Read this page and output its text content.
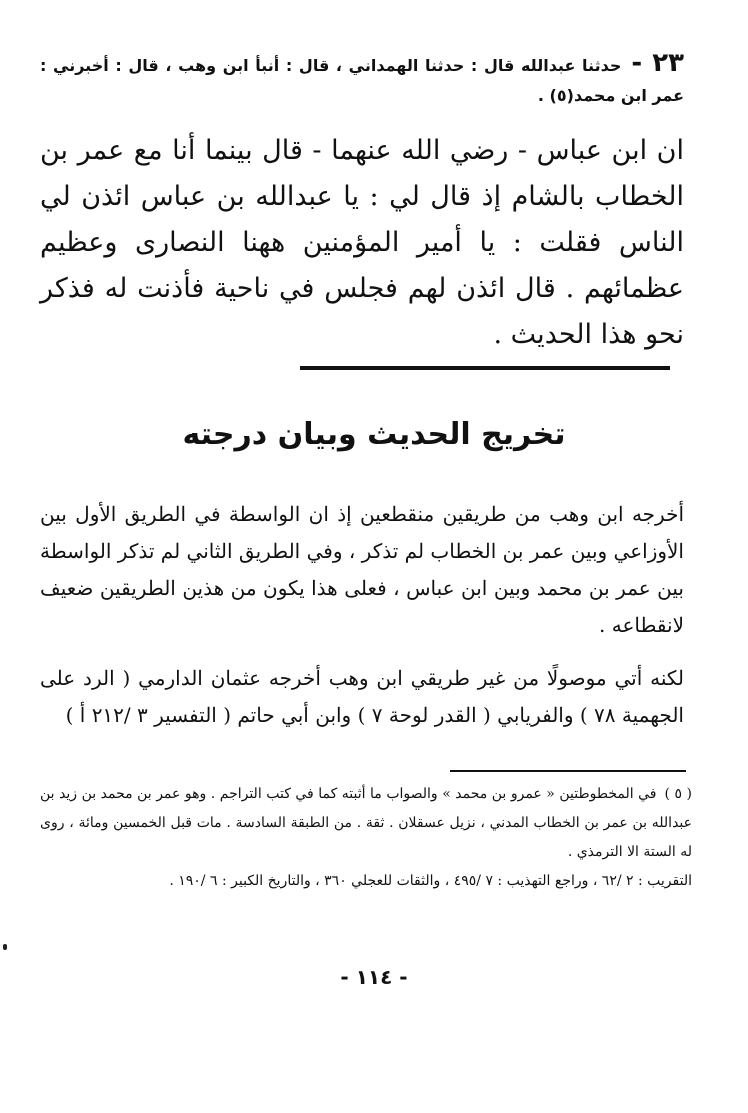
٢٣ -حدثنا عبدالله قال : حدثنا الهمداني ، قال : أنبأ ابن وهب ، قال : أخبرني : عمر ابن محمد(٥) .
ان ابن عباس - رضي الله عنهما - قال بينما أنا مع عمر بن الخطاب بالشام إذ قال لي : يا عبدالله بن عباس ائذن لي الناس فقلت : يا أمير المؤمنين ههنا النصارى وعظيم عظمائهم . قال ائذن لهم فجلس في ناحية فأذنت له فذكر نحو هذا الحديث .
تخريج الحديث وبيان درجته

أخرجه ابن وهب من طريقين منقطعين إذ ان الواسطة في الطريق الأول بين الأوزاعي وبين عمر بن الخطاب لم تذكر ، وفي الطريق الثاني لم تذكر الواسطة بين عمر بن محمد وبين ابن عباس ، فعلى هذا يكون من هذين الطريقين ضعيف لانقطاعه .

لكنه أتي موصولًا من غير طريقي ابن وهب أخرجه عثمان الدارمي ( الرد على الجهمية ٧٨ ) والفريابي ( القدر لوحة ٧ ) وابن أبي حاتم ( التفسير ٣ /٢١٢ أ )

( ٥ )في المخطوطتين « عمرو بن محمد » والصواب ما أثبته كما في كتب التراجم . وهو عمر بن محمد بن زيد بن عبدالله بن عمر بن الخطاب المدني ، نزيل عسقلان . ثقة . من الطبقة السادسة . مات قبل الخمسين ومائة ، روى له الستة الا الترمذي .
التقريب : ٢ /٦٢ ، وراجع التهذيب : ٧ /٤٩٥ ، والثقات للعجلي ٣٦٠ ، والتاريخ الكبير : ٦ /١٩٠ .
- ١١٤ -
